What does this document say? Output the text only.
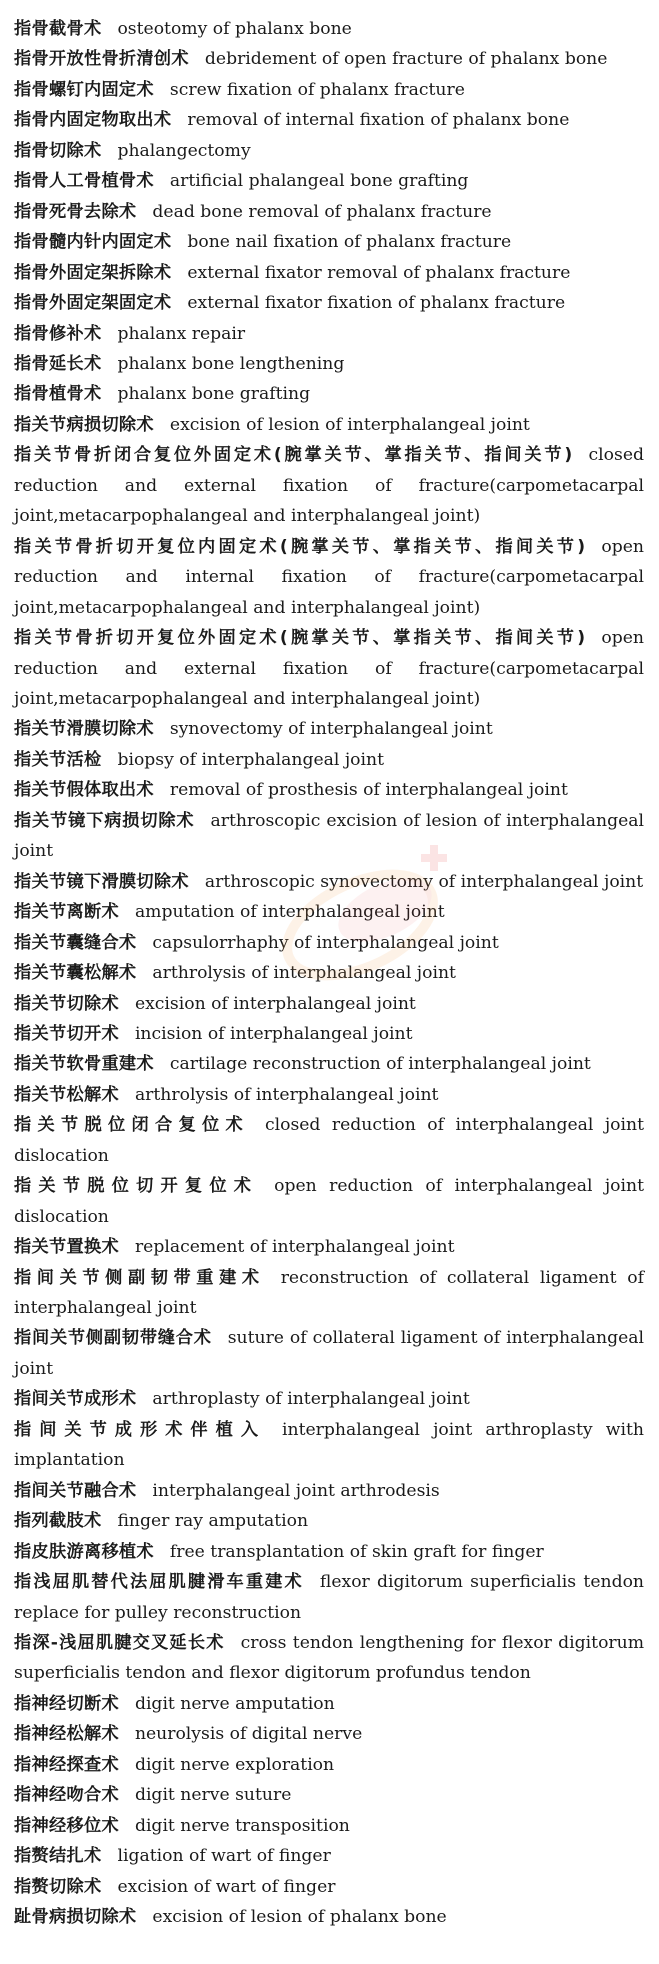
指骨截骨术 osteotomy of phalanx bone

指骨开放性骨折清创术 debridement of open fracture of phalanx bone

指骨螺钉内固定术 screw fixation of phalanx fracture

指骨内固定物取出术 removal of internal fixation of phalanx bone

指骨切除术 phalangectomy

指骨人工骨植骨术 artificial phalangeal bone grafting

指骨死骨去除术 dead bone removal of phalanx fracture

指骨髓内针内固定术 bone nail fixation of phalanx fracture

指骨外固定架拆除术 external fixator removal of phalanx fracture

指骨外固定架固定术 external fixator fixation of phalanx fracture

指骨修补术 phalanx repair

指骨延长术 phalanx bone lengthening

指骨植骨术 phalanx bone grafting

指关节病损切除术 excision of lesion of interphalangeal joint

指关节骨折闭合复位外固定术(腕掌关节、掌指关节、指间关节) closed reduction and external fixation of fracture(carpometacarpal joint,metacarpophalangeal and interphalangeal joint)

指关节骨折切开复位内固定术(腕掌关节、掌指关节、指间关节) open reduction and internal fixation of fracture(carpometacarpal joint,metacarpophalangeal and interphalangeal joint)

指关节骨折切开复位外固定术(腕掌关节、掌指关节、指间关节) open reduction and external fixation of fracture(carpometacarpal joint,metacarpophalangeal and interphalangeal joint)

指关节滑膜切除术 synovectomy of interphalangeal joint

指关节活检 biopsy of interphalangeal joint

指关节假体取出术 removal of prosthesis of interphalangeal joint

指关节镜下病损切除术 arthroscopic excision of lesion of interphalangeal joint

指关节镜下滑膜切除术 arthroscopic synovectomy of interphalangeal joint

指关节离断术 amputation of interphalangeal joint

指关节囊缝合术 capsulorrhaphy of interphalangeal joint

指关节囊松解术 arthrolysis of interphalangeal joint

指关节切除术 excision of interphalangeal joint

指关节切开术 incision of interphalangeal joint

指关节软骨重建术 cartilage reconstruction of interphalangeal joint

指关节松解术 arthrolysis of interphalangeal joint

指关节脱位闭合复位术 closed reduction of interphalangeal joint dislocation

指关节脱位切开复位术 open reduction of interphalangeal joint dislocation

指关节置换术 replacement of interphalangeal joint

指间关节侧副韧带重建术 reconstruction of collateral ligament of interphalangeal joint

指间关节侧副韧带缝合术 suture of collateral ligament of interphalangeal joint

指间关节成形术 arthroplasty of interphalangeal joint

指间关节成形术伴植入 interphalangeal joint arthroplasty with implantation

指间关节融合术 interphalangeal joint arthrodesis

指列截肢术 finger ray amputation

指皮肤游离移植术 free transplantation of skin graft for finger

指浅屈肌替代法屈肌腱滑车重建术 flexor digitorum superficialis tendon replace for pulley reconstruction

指深-浅屈肌腱交叉延长术 cross tendon lengthening for flexor digitorum superficialis tendon and flexor digitorum profundus tendon

指神经切断术 digit nerve amputation

指神经松解术 neurolysis of digital nerve

指神经探查术 digit nerve exploration

指神经吻合术 digit nerve suture

指神经移位术 digit nerve transposition

指赘结扎术 ligation of wart of finger

指赘切除术 excision of wart of finger

趾骨病损切除术 excision of lesion of phalanx bone
